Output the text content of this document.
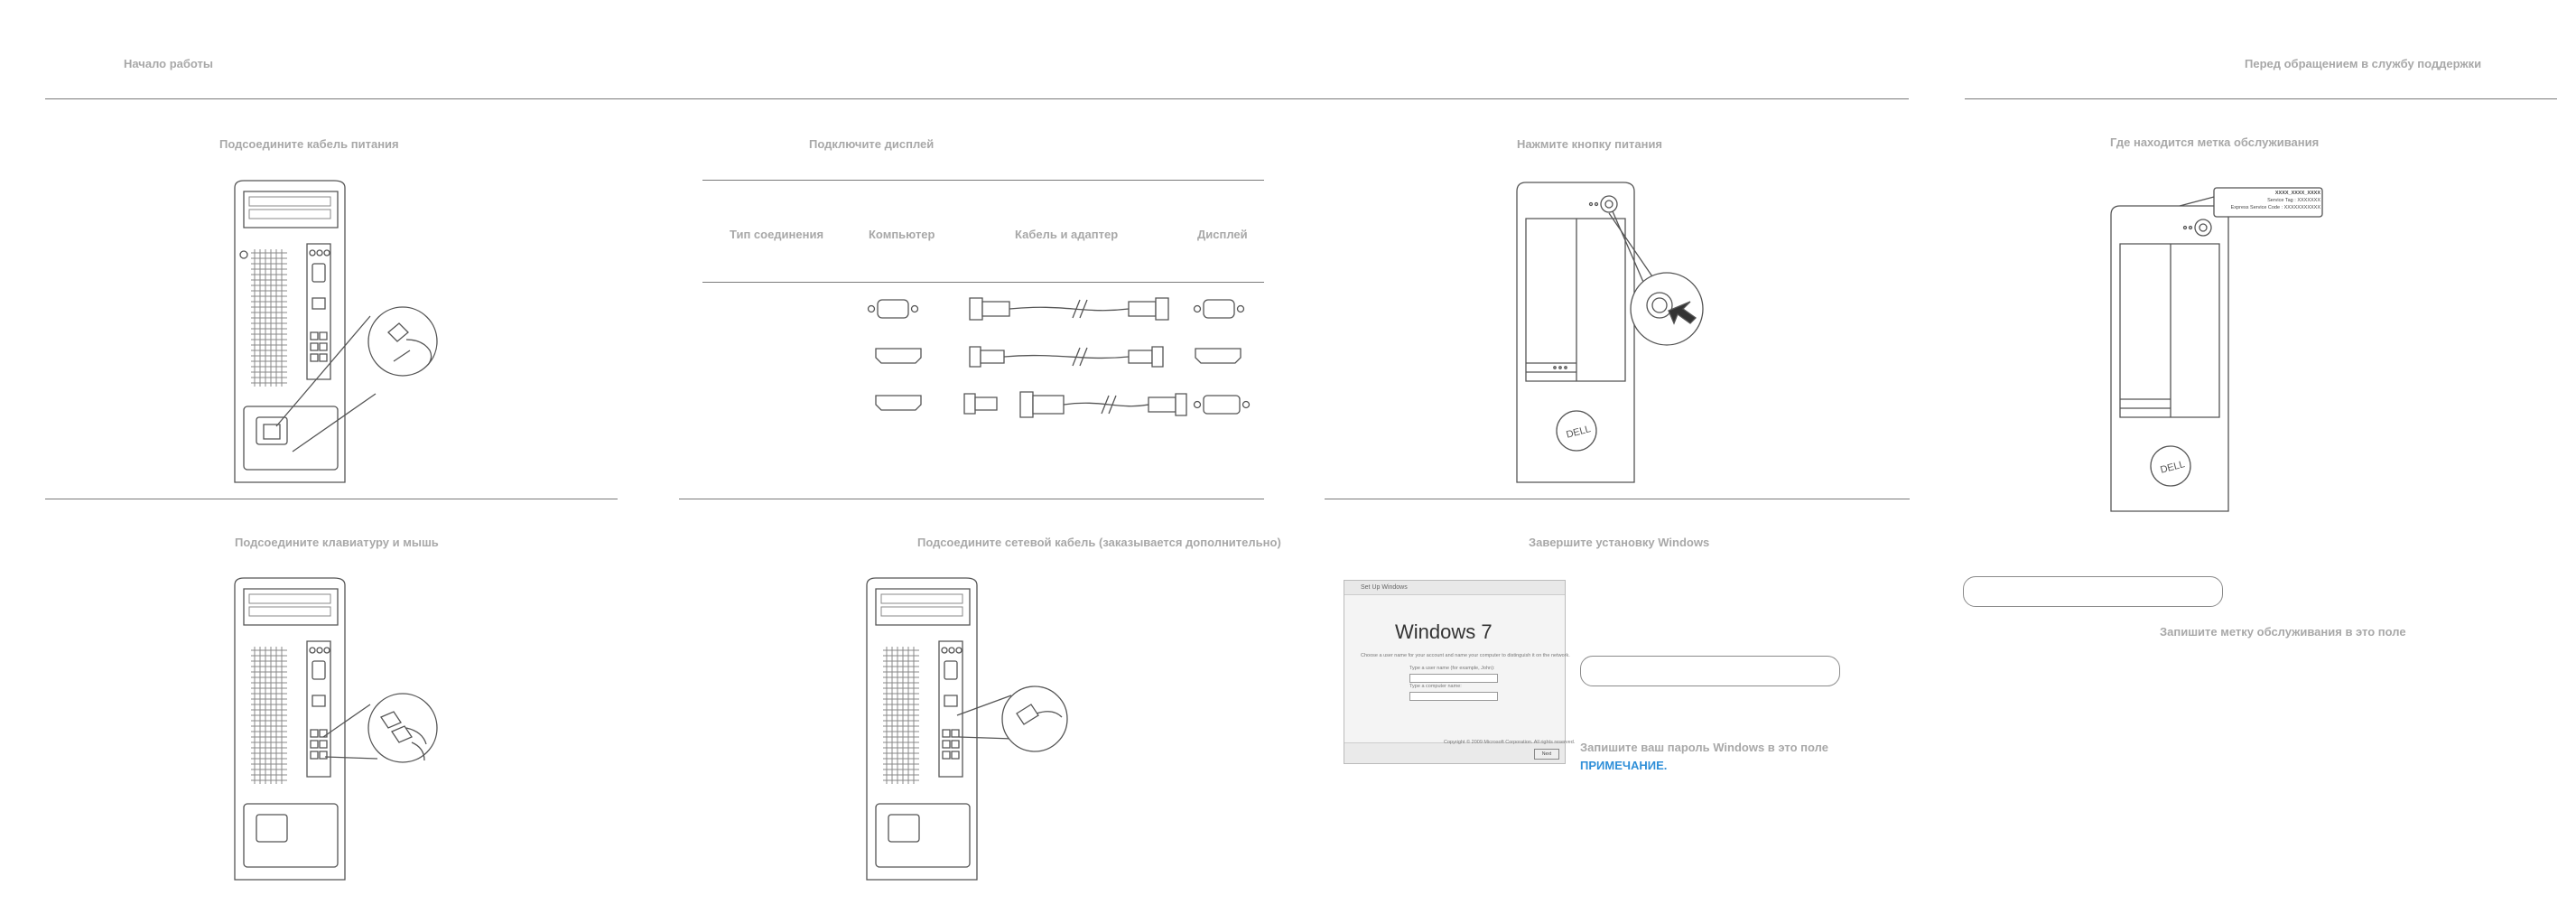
Начало работы	Перед обращением в службу поддержки
Подсоедините кабель питания	Подключите дисплей	Нажмите кнопку питания	Где находится метка обслуживания
Подсоедините клавиатуру и мышь	Подсоедините сетевой кабель (заказывается дополнительно)	Завершите установку Windows
Тип соединения	Компьютер	Кабель и адаптер	Дисплей
DELL
DELL
XXXX_XXXX_XXXX
Service Tag : XXXXXXX
Express Service Code : XXXXXXXXXXX
Запишите метку обслуживания в это поле
Set Up Windows
Windows 7
Choose a user name for your account and name your computer to distinguish it on the network.
Type a user name (for example, John):
Type a computer name:
Copyright © 2009 Microsoft Corporation. All rights reserved.
Next	Запишите ваш пароль Windows в это поле
ПРИМЕЧАНИЕ.
